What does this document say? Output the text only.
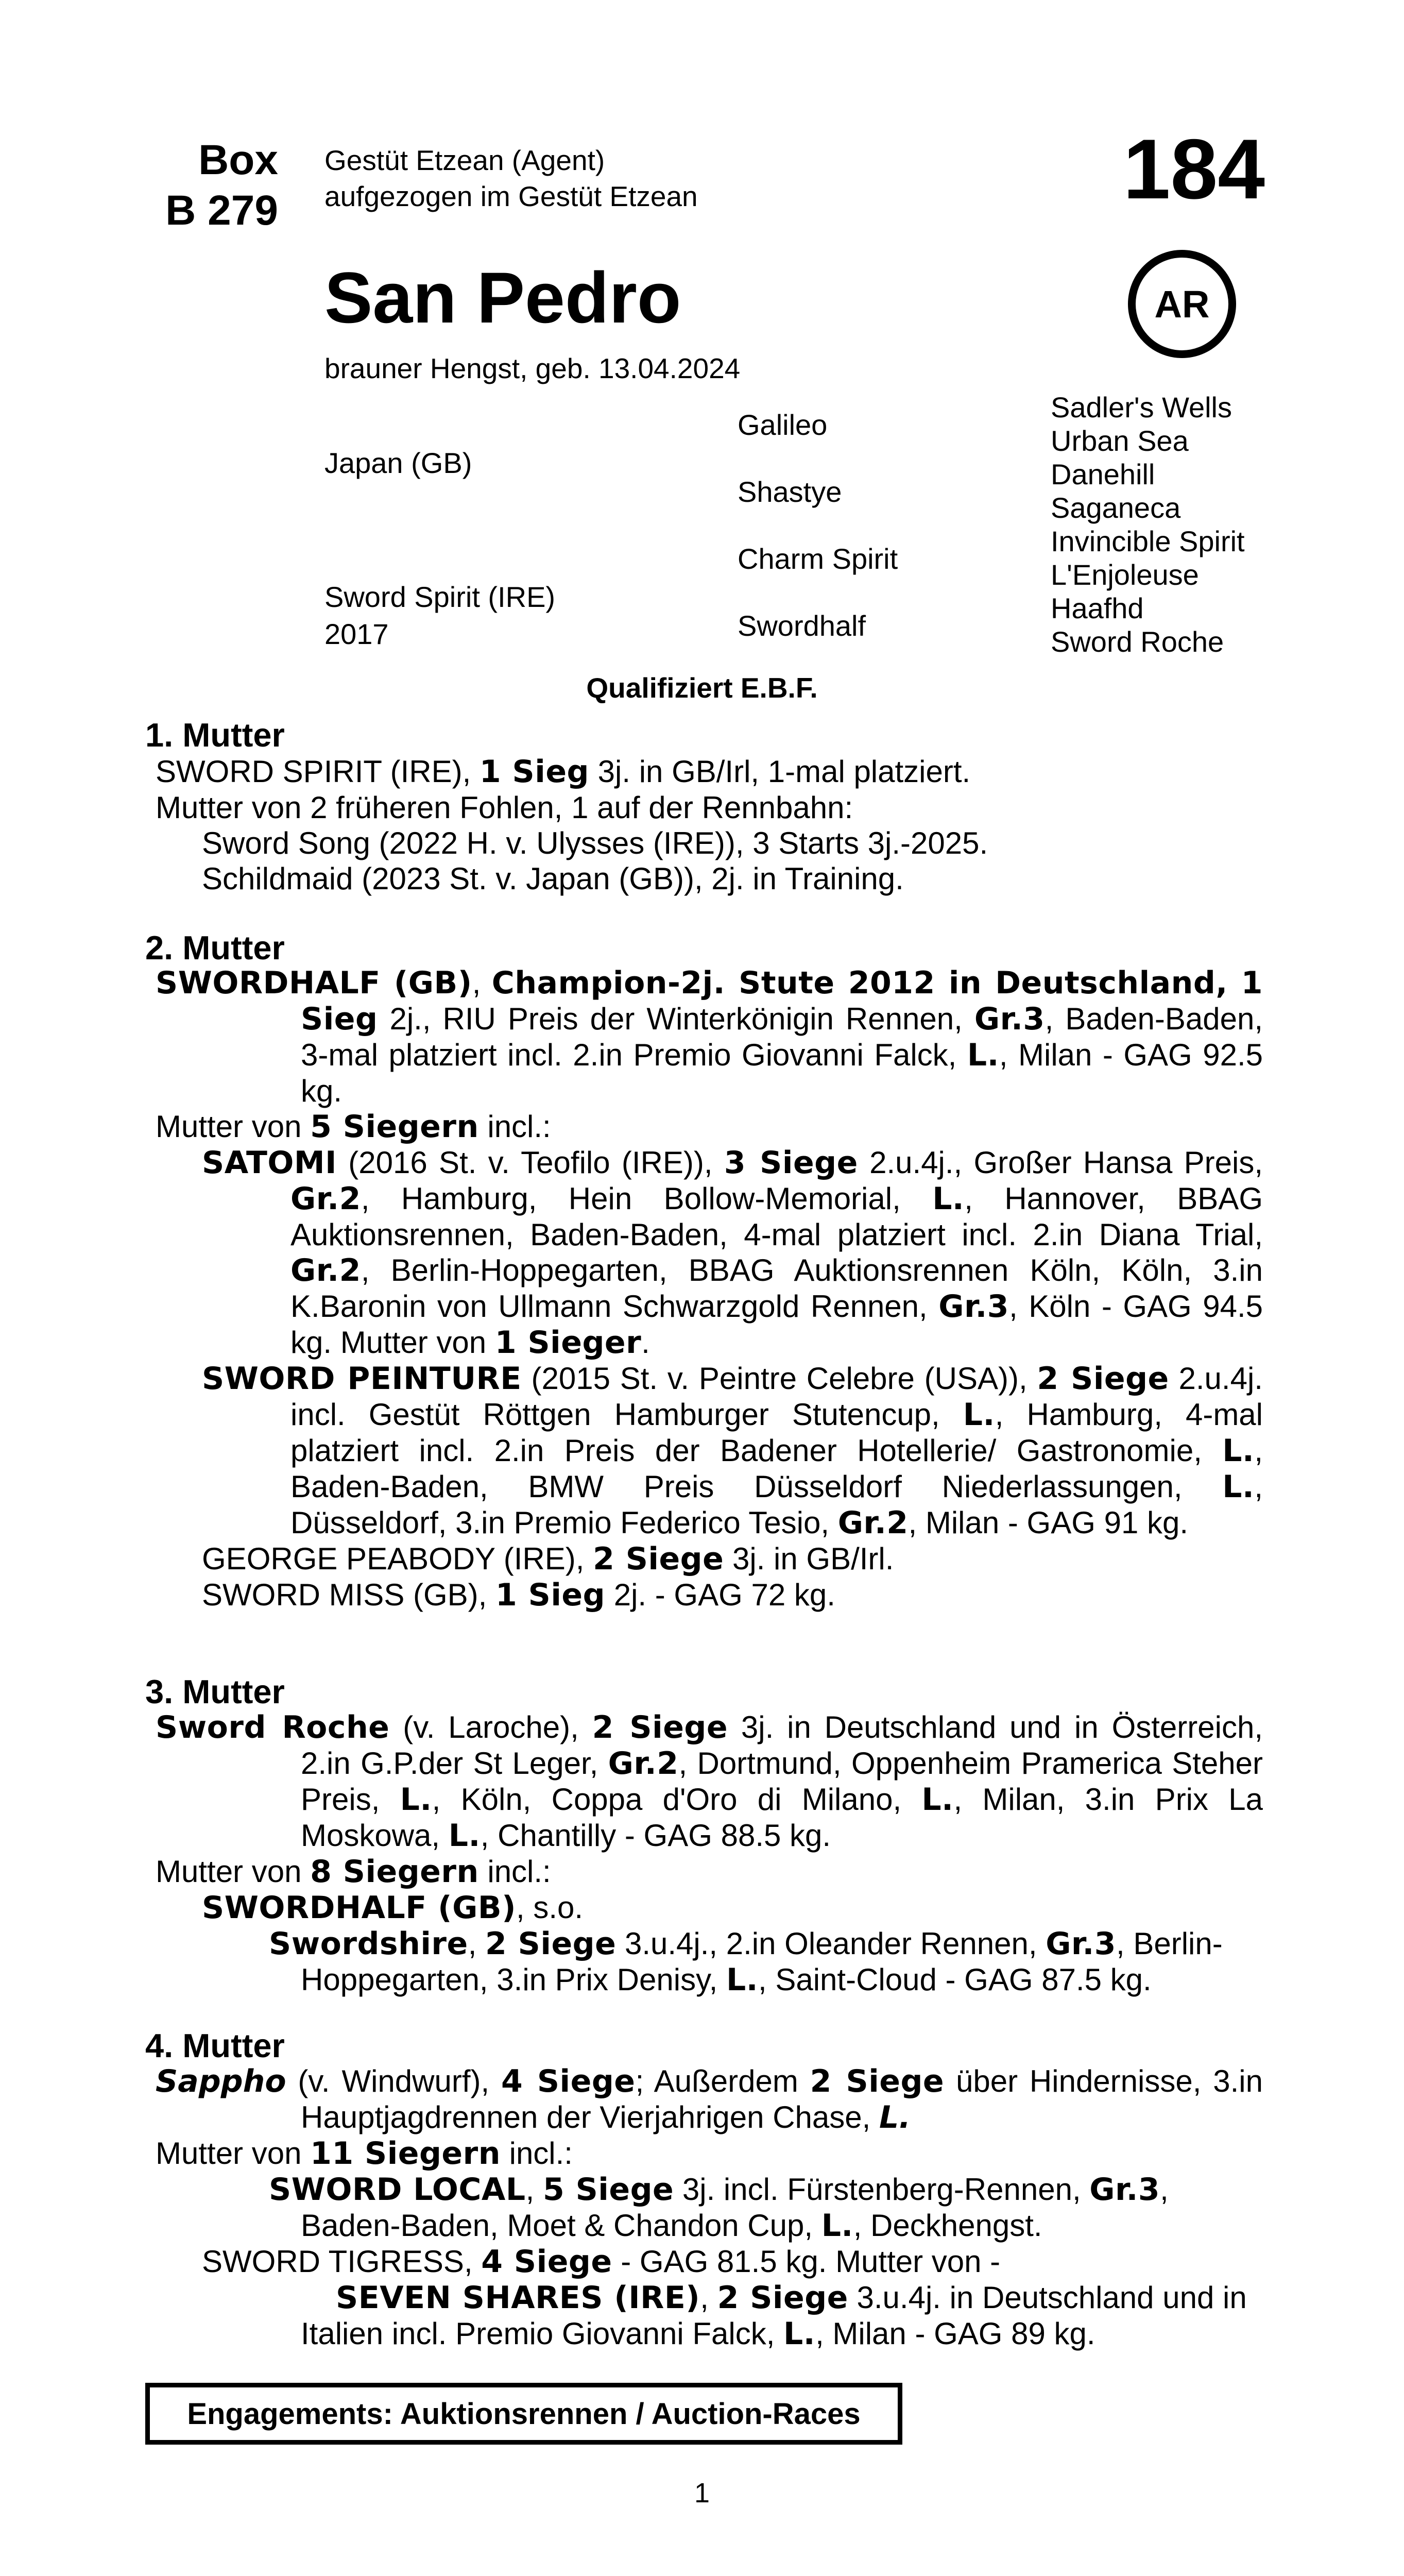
Box
B 279
Gestüt Etzean (Agent)
aufgezogen im Gestüt Etzean	184
San Pedro	AR
brauner Hengst, geb. 13.04.2024
Japan (GB)
Sword Spirit (IRE)
2017
Galileo
Shastye
Charm Spirit
Swordhalf
Sadler's Wells
Urban Sea
Danehill
Saganeca
Invincible Spirit
L'Enjoleuse
Haafhd
Sword Roche
Qualifiziert E.B.F.
1. Mutter

SWORD SPIRIT (IRE), 1 Sieg 3j. in GB/Irl, 1-mal platziert.

Mutter von 2 früheren Fohlen, 1 auf der Rennbahn:

Sword Song (2022 H. v. Ulysses (IRE)), 3 Starts 3j.-2025.

Schildmaid (2023 St. v. Japan (GB)), 2j. in Training.

2. Mutter

SWORDHALF (GB), Champion-2j. Stute 2012 in Deutschland, 1 Sieg 2j., RIU Preis der Winterkönigin Rennen, Gr.3, Baden-Baden, 3-mal platziert incl. 2.in Premio Giovanni Falck, L., Milan - GAG 92.5 kg.

Mutter von 5 Siegern incl.:

SATOMI (2016 St. v. Teofilo (IRE)), 3 Siege 2.u.4j., Großer Hansa Preis, Gr.2, Hamburg, Hein Bollow-Memorial, L., Hannover, BBAG Auktionsrennen, Baden-Baden, 4-mal platziert incl. 2.in Diana Trial, Gr.2, Berlin-Hoppegarten, BBAG Auktionsrennen Köln, Köln, 3.in K.Baronin von Ullmann Schwarzgold Rennen, Gr.3, Köln - GAG 94.5 kg. Mutter von 1 Sieger.

SWORD PEINTURE (2015 St. v. Peintre Celebre (USA)), 2 Siege 2.u.4j. incl. Gestüt Röttgen Hamburger Stutencup, L., Hamburg, 4-mal platziert incl. 2.in Preis der Badener Hotellerie/ Gastronomie, L., Baden-Baden, BMW Preis Düsseldorf Niederlassungen, L., Düsseldorf, 3.in Premio Federico Tesio, Gr.2, Milan - GAG 91 kg.

GEORGE PEABODY (IRE), 2 Siege 3j. in GB/Irl.

SWORD MISS (GB), 1 Sieg 2j. - GAG 72 kg.

3. Mutter

Sword Roche (v. Laroche), 2 Siege 3j. in Deutschland und in Österreich, 2.in G.P.der St Leger, Gr.2, Dortmund, Oppenheim Pramerica Steher Preis, L., Köln, Coppa d'Oro di Milano, L., Milan, 3.in Prix La Moskowa, L., Chantilly - GAG 88.5 kg.

Mutter von 8 Siegern incl.:

SWORDHALF (GB), s.o.

Swordshire, 2 Siege 3.u.4j., 2.in Oleander Rennen, Gr.3, Berlin-Hoppegarten, 3.in Prix Denisy, L., Saint-Cloud - GAG 87.5 kg.

4. Mutter

Sappho (v. Windwurf), 4 Siege; Außerdem 2 Siege über Hindernisse, 3.in Hauptjagdrennen der Vierjahrigen Chase, L.

Mutter von 11 Siegern incl.:

SWORD LOCAL, 5 Siege 3j. incl. Fürstenberg-Rennen, Gr.3, Baden-Baden, Moet & Chandon Cup, L., Deckhengst.

SWORD TIGRESS, 4 Siege - GAG 81.5 kg. Mutter von -

SEVEN SHARES (IRE), 2 Siege 3.u.4j. in Deutschland und in Italien incl. Premio Giovanni Falck, L., Milan - GAG 89 kg.

Engagements: Auktionsrennen / Auction-Races
1
